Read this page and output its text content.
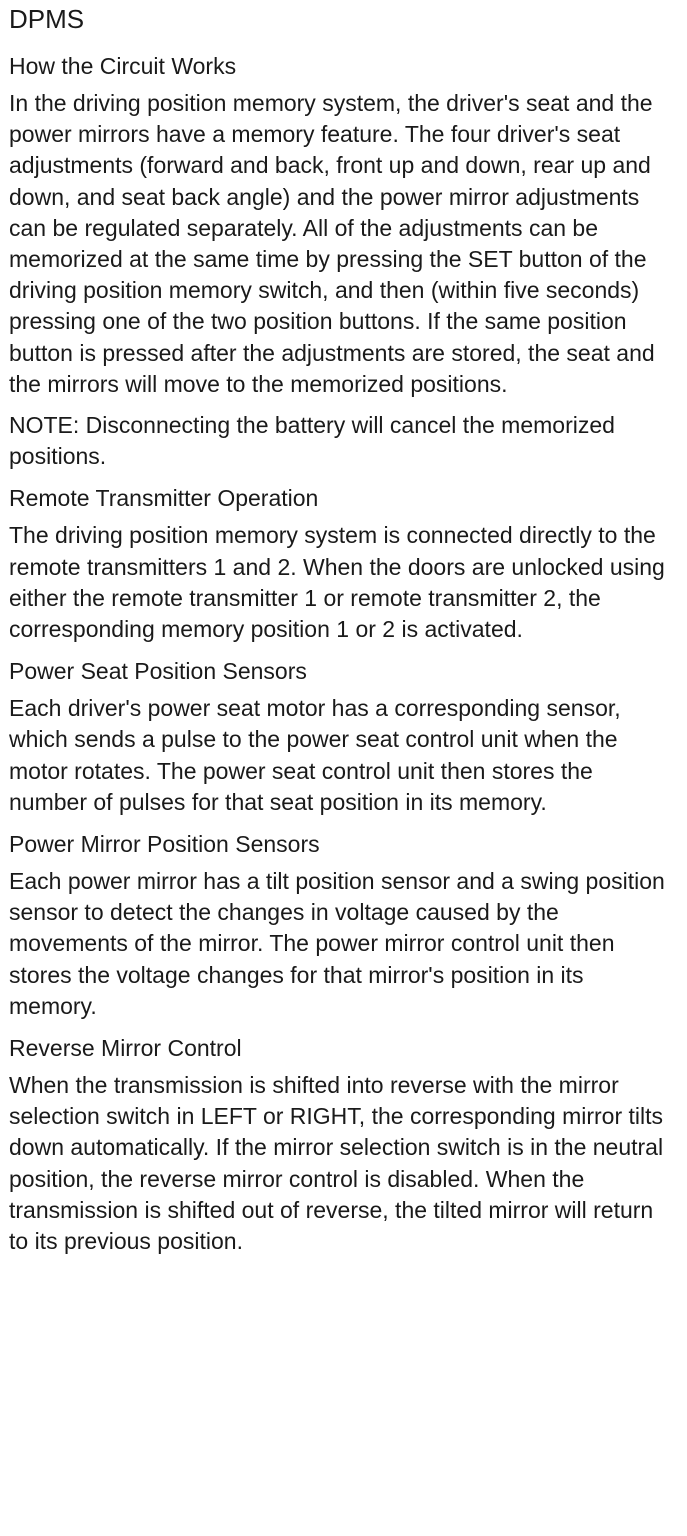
DPMS
How the Circuit Works

In the driving position memory system, the driver's seat and the power mirrors have a memory feature. The four driver's seat adjustments (forward and back, front up and down, rear up and down, and seat back angle) and the power mirror adjustments can be regulated separately. All of the adjustments can be memorized at the same time by pressing the SET button of the driving position memory switch, and then (within five seconds) pressing one of the two position buttons. If the same position button is pressed after the adjustments are stored, the seat and the mirrors will move to the memorized positions.

NOTE: Disconnecting the battery will cancel the memorized positions.

Remote Transmitter Operation

The driving position memory system is connected directly to the remote transmitters 1 and 2. When the doors are unlocked using either the remote transmitter 1 or remote transmitter 2, the corresponding memory position 1 or 2 is activated.

Power Seat Position Sensors

Each driver's power seat motor has a corresponding sensor, which sends a pulse to the power seat control unit when the motor rotates. The power seat control unit then stores the number of pulses for that seat position in its memory.

Power Mirror Position Sensors

Each power mirror has a tilt position sensor and a swing position sensor to detect the changes in voltage caused by the movements of the mirror. The power mirror control unit then stores the voltage changes for that mirror's position in its memory.

Reverse Mirror Control

When the transmission is shifted into reverse with the mirror selection switch in LEFT or RIGHT, the corresponding mirror tilts down automatically. If the mirror selection switch is in the neutral position, the reverse mirror control is disabled. When the transmission is shifted out of reverse, the tilted mirror will return to its previous position.
